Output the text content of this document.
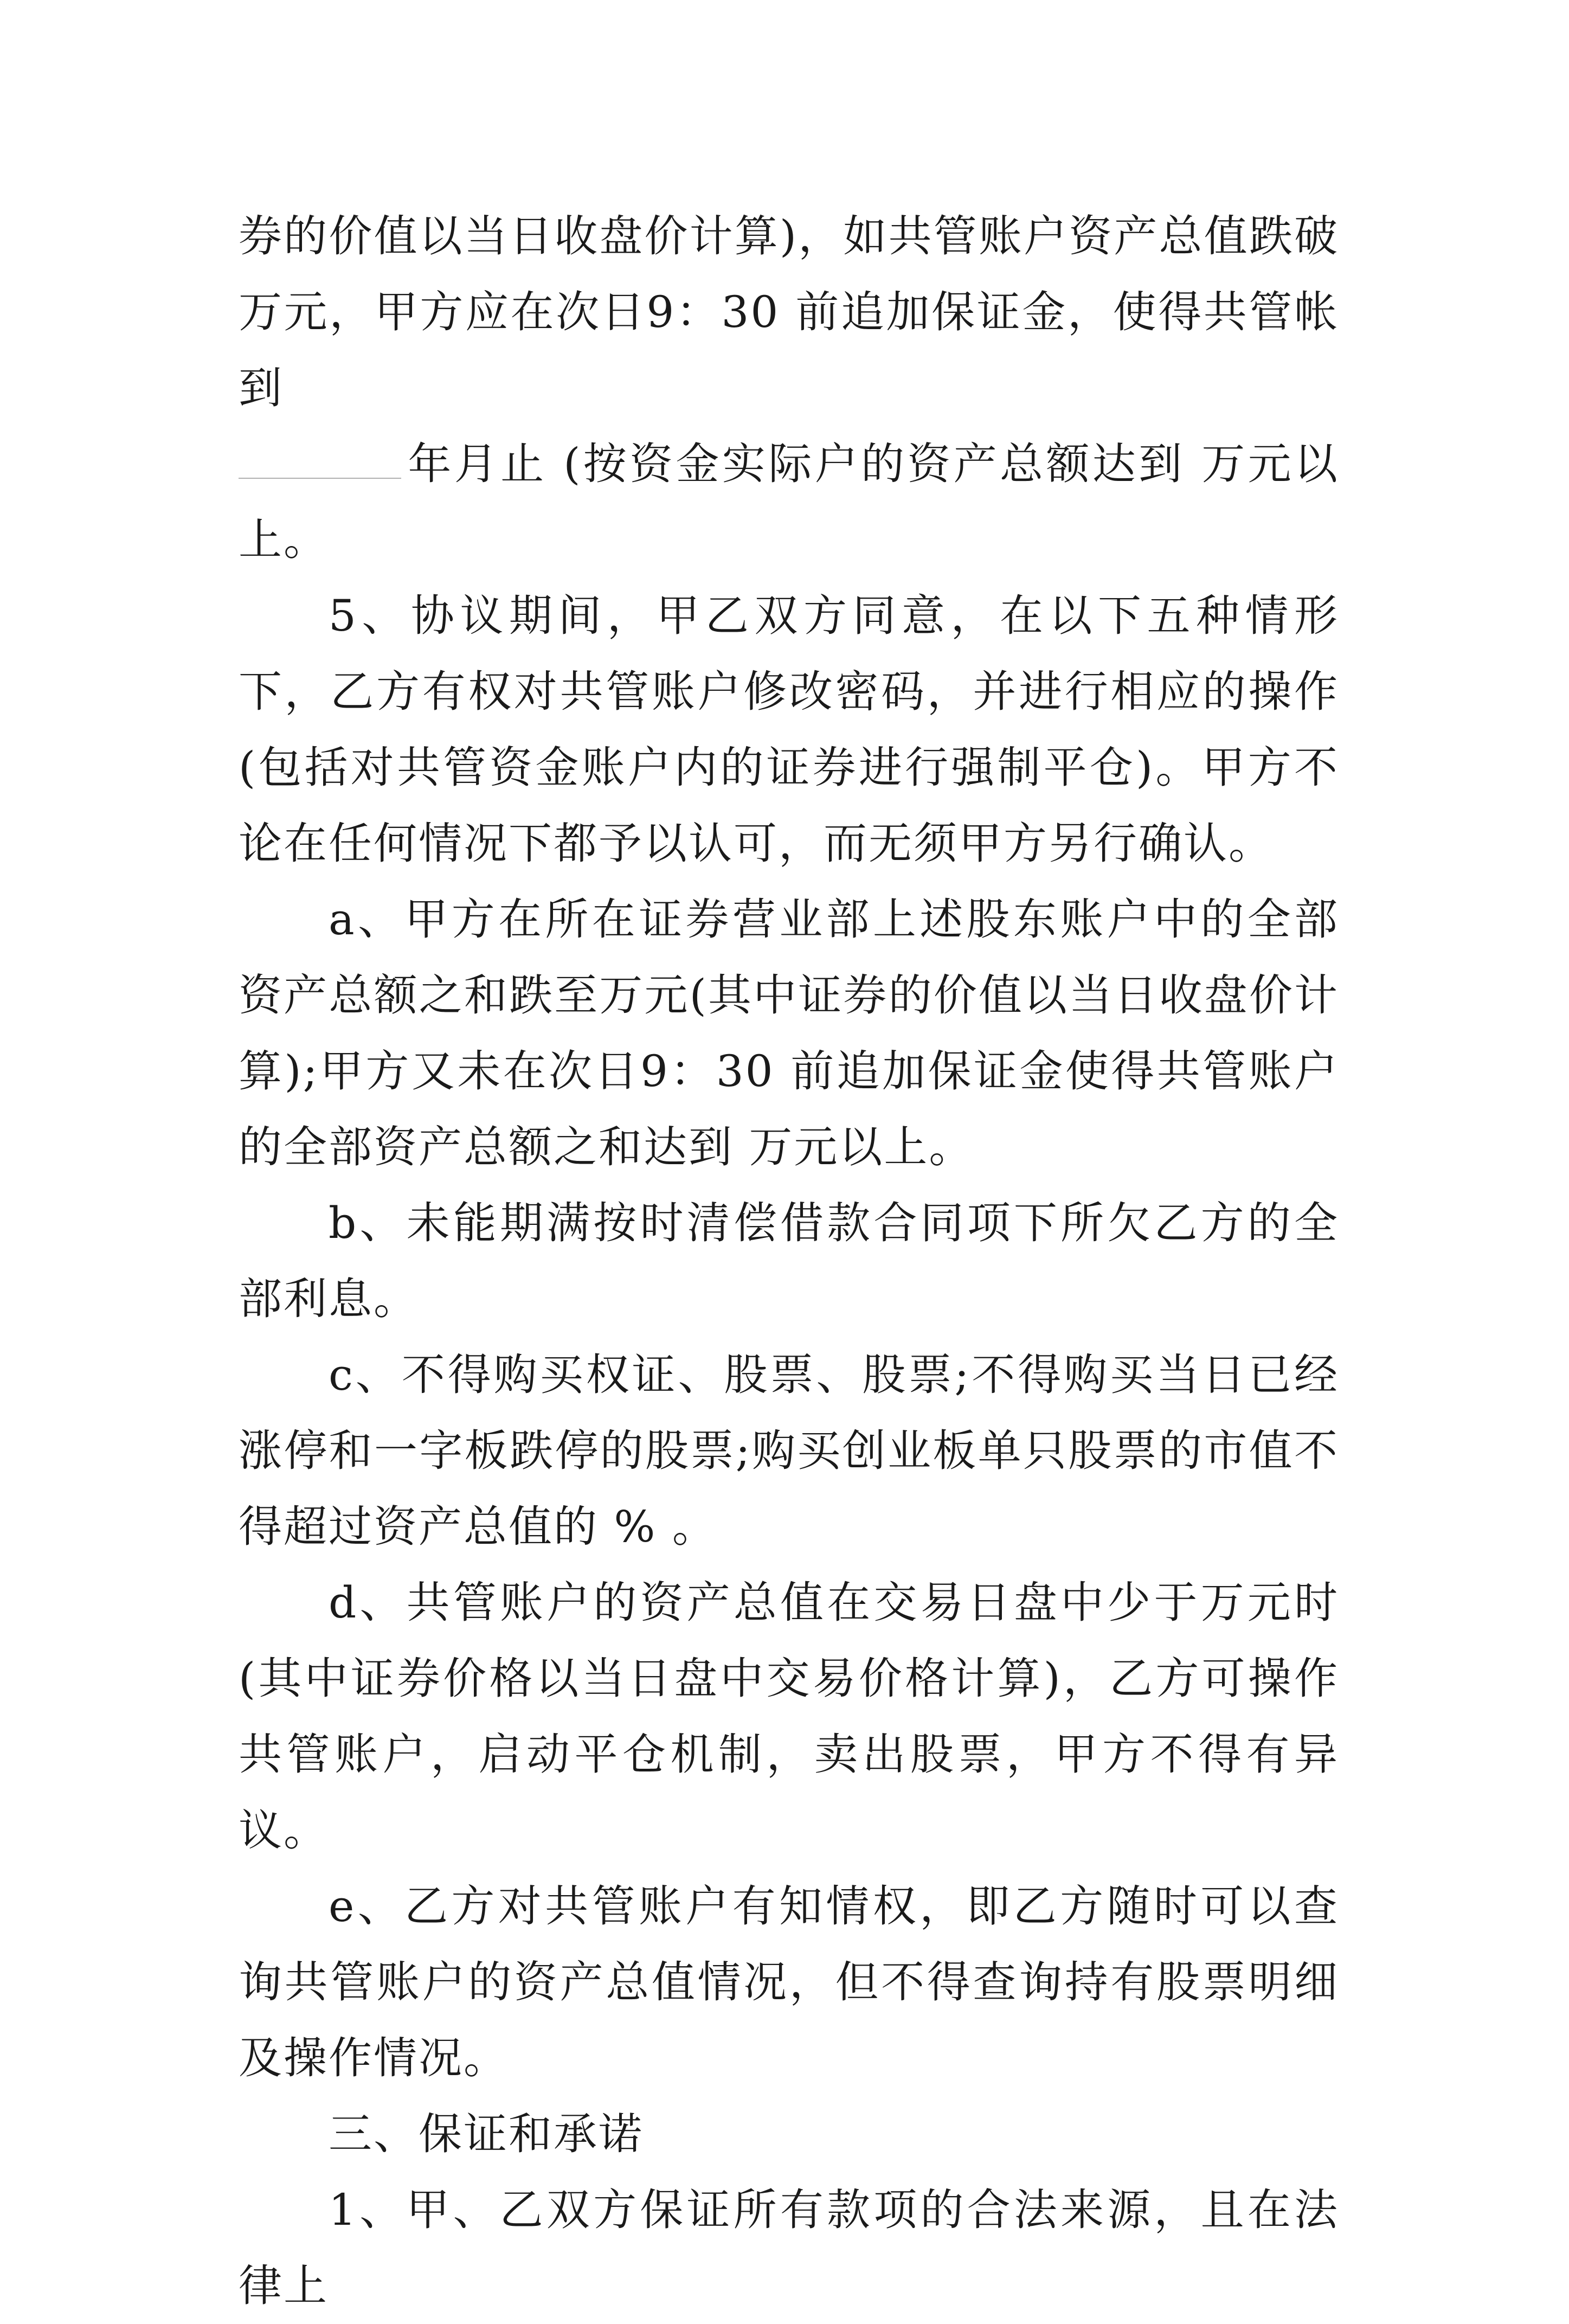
券的价值以当日收盘价计算)，如共管账户资产总值跌破 万元，甲方应在次日9：30 前追加保证金，使得共管帐到

年月止 (按资金实际户的资产总额达到 万元以上。

5、协议期间，甲乙双方同意，在以下五种情形下，乙方有权对共管账户修改密码，并进行相应的操作(包括对共管资金账户内的证券进行强制平仓)。甲方不论在任何情况下都予以认可，而无须甲方另行确认。

a、甲方在所在证券营业部上述股东账户中的全部资产总额之和跌至万元(其中证券的价值以当日收盘价计算);甲方又未在次日9：30 前追加保证金使得共管账户的全部资产总额之和达到 万元以上。

b、未能期满按时清偿借款合同项下所欠乙方的全部利息。

c、不得购买权证、股票、股票;不得购买当日已经涨停和一字板跌停的股票;购买创业板单只股票的市值不得超过资产总值的 % 。

d、共管账户的资产总值在交易日盘中少于万元时(其中证券价格以当日盘中交易价格计算)，乙方可操作共管账户，启动平仓机制，卖出股票，甲方不得有异议。

e、乙方对共管账户有知情权，即乙方随时可以查询共管账户的资产总值情况，但不得查询持有股票明细及操作情况。

三、保证和承诺

1、甲、乙双方保证所有款项的合法来源，且在法律上
